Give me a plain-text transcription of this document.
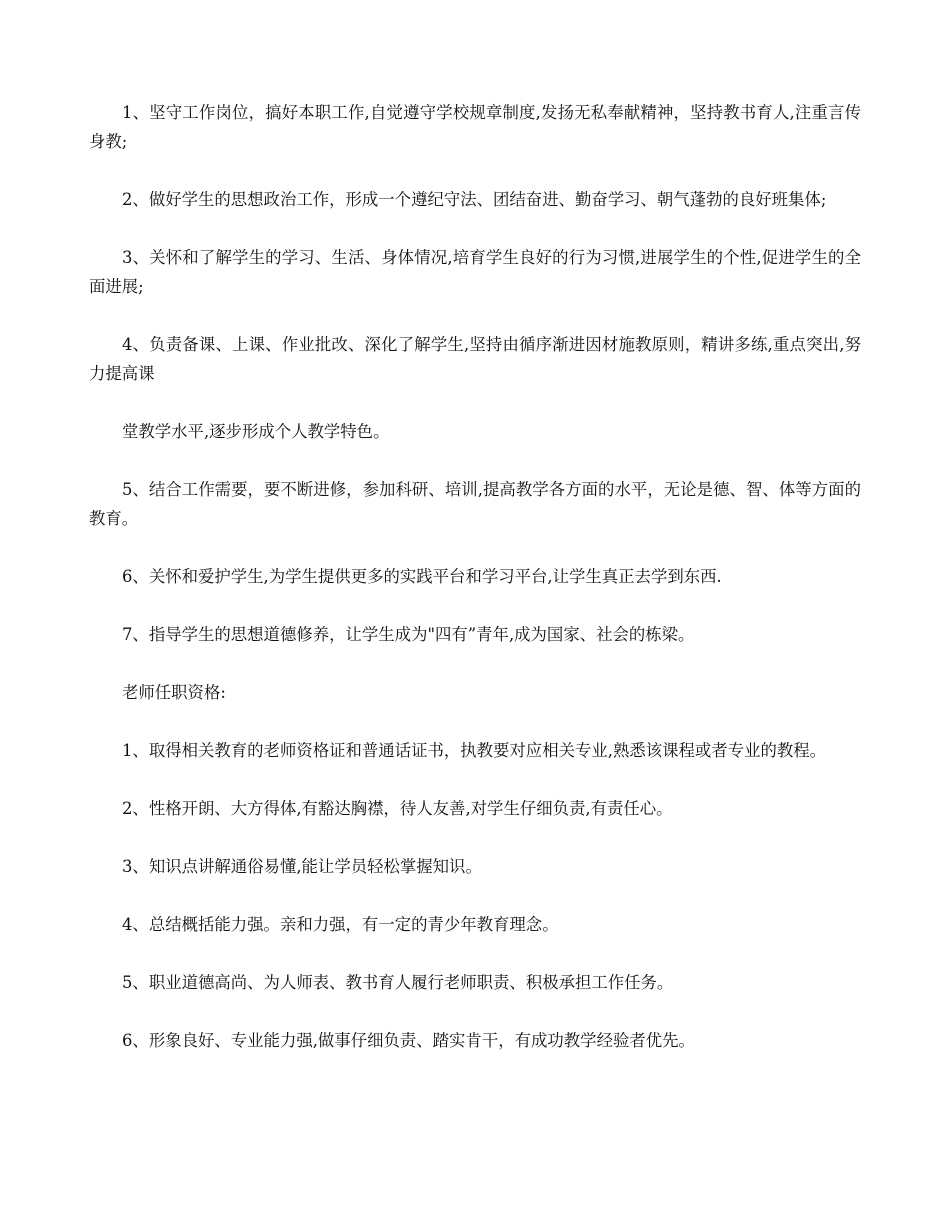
1、坚守工作岗位，搞好本职工作,自觉遵守学校规章制度,发扬无私奉献精神，坚持教书育人,注重言传身教;

2、做好学生的思想政治工作，形成一个遵纪守法、团结奋进、勤奋学习、朝气蓬勃的良好班集体;

3、关怀和了解学生的学习、生活、身体情况,培育学生良好的行为习惯,进展学生的个性,促进学生的全面进展;

4、负责备课、上课、作业批改、深化了解学生,坚持由循序渐进因材施教原则，精讲多练,重点突出,努力提高课

堂教学水平,逐步形成个人教学特色。

5、结合工作需要，要不断进修，参加科研、培训,提高教学各方面的水平，无论是德、智、体等方面的教育。

6、关怀和爱护学生,为学生提供更多的实践平台和学习平台,让学生真正去学到东西.

7、指导学生的思想道德修养，让学生成为"四有”青年,成为国家、社会的栋梁。

老师任职资格:

1、取得相关教育的老师资格证和普通话证书，执教要对应相关专业,熟悉该课程或者专业的教程。

2、性格开朗、大方得体,有豁达胸襟，待人友善,对学生仔细负责,有责任心。

3、知识点讲解通俗易懂,能让学员轻松掌握知识。

4、总结概括能力强。亲和力强，有一定的青少年教育理念。

5、职业道德高尚、为人师表、教书育人履行老师职责、积极承担工作任务。

6、形象良好、专业能力强,做事仔细负责、踏实肯干，有成功教学经验者优先。
